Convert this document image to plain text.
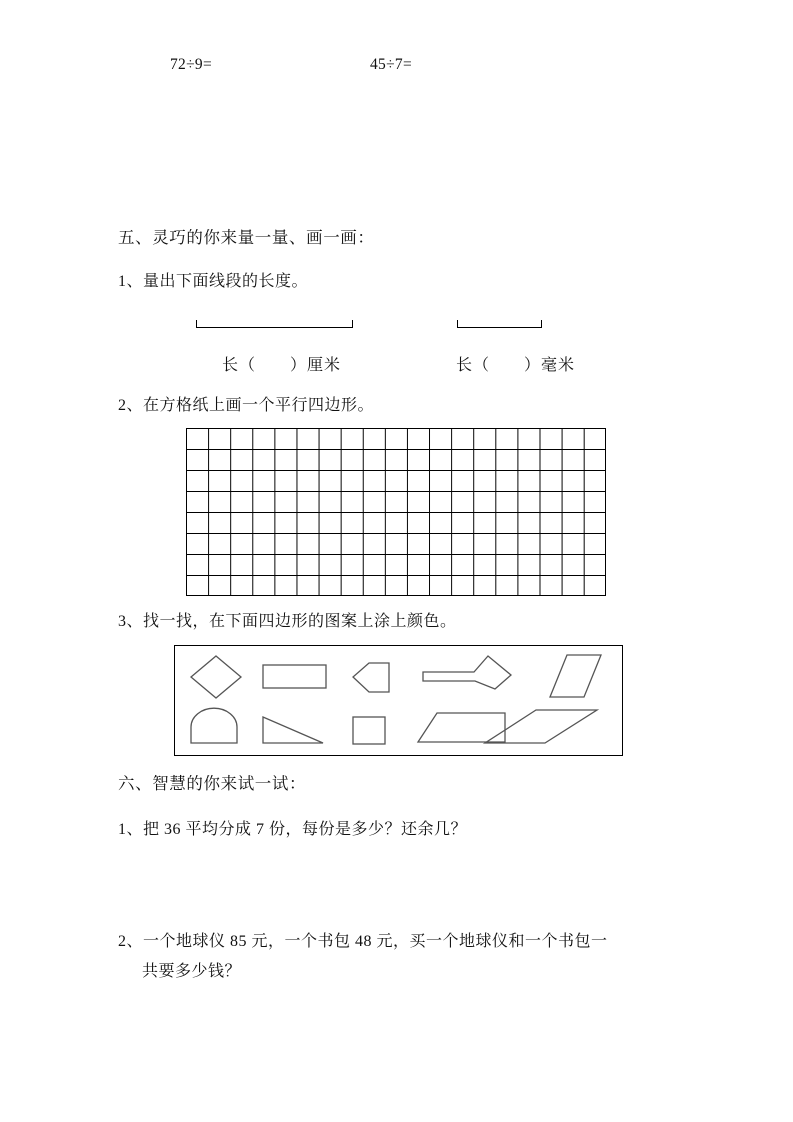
72÷9=	45÷7=
五、灵巧的你来量一量、画一画：
1、量出下面线段的长度。
长（　　）厘米	长（　　）毫米
2、在方格纸上画一个平行四边形。
3、找一找，在下面四边形的图案上涂上颜色。
六、智慧的你来试一试：
1、把 36 平均分成 7 份，每份是多少？还余几？
2、一个地球仪 85 元，一个书包 48 元，买一个地球仪和一个书包一
共要多少钱？
